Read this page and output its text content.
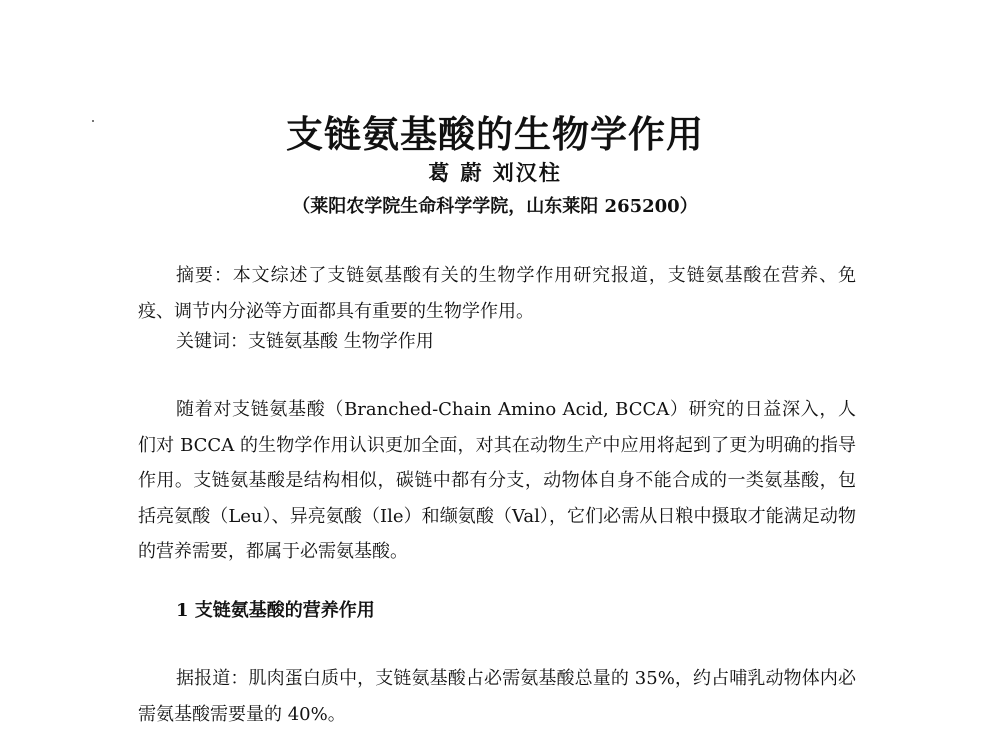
支链氨基酸的生物学作用
葛 蔚 刘汉柱
（莱阳农学院生命科学学院，山东莱阳 265200）

摘要：本文综述了支链氨基酸有关的生物学作用研究报道，支链氨基酸在营养、免疫、调节内分泌等方面都具有重要的生物学作用。

关键词：支链氨基酸 生物学作用

随着对支链氨基酸（Branched-Chain Amino Acid, BCCA）研究的日益深入，人们对 BCCA 的生物学作用认识更加全面，对其在动物生产中应用将起到了更为明确的指导作用。支链氨基酸是结构相似，碳链中都有分支，动物体自身不能合成的一类氨基酸，包括亮氨酸（Leu）、异亮氨酸（Ile）和缬氨酸（Val），它们必需从日粮中摄取才能满足动物的营养需要，都属于必需氨基酸。

1 支链氨基酸的营养作用

据报道：肌肉蛋白质中，支链氨基酸占必需氨基酸总量的 35%，约占哺乳动物体内必需氨基酸需要量的 40%。
